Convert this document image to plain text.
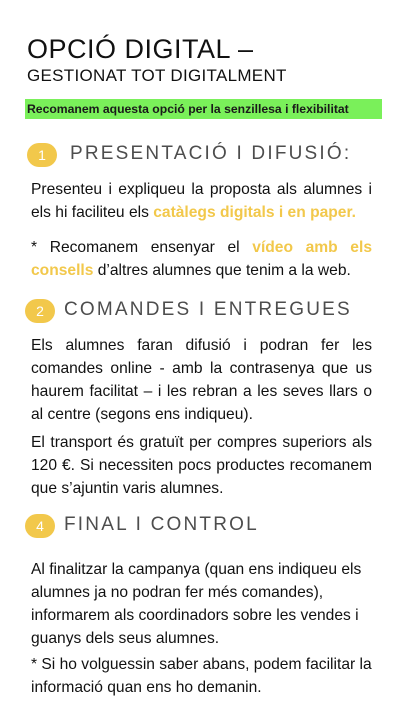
OPCIÓ DIGITAL –
GESTIONAT TOT DIGITALMENT
Recomanem aquesta opció per la senzillesa i flexibilitat
1	PRESENTACIÓ I DIFUSIÓ:
Presenteu i expliqueu la proposta als alumnes i els hi faciliteu els catàlegs digitals i en paper.
* Recomanem ensenyar el vídeo amb els consells d’altres alumnes que tenim a la web.
2	COMANDES I ENTREGUES
Els alumnes faran difusió i podran fer les comandes online - amb la contrasenya que us haurem facilitat – i les rebran a les seves llars o al centre (segons ens indiqueu).
El transport és gratuït per compres superiors als 120 €. Si necessiten pocs productes recomanem que s’ajuntin varis alumnes.
4	FINAL I CONTROL
Al finalitzar la campanya (quan ens indiqueu els alumnes ja no podran fer més comandes), informarem als coordinadors sobre les vendes i guanys dels seus alumnes.
* Si ho volguessin saber abans, podem facilitar la informació quan ens ho demanin.
